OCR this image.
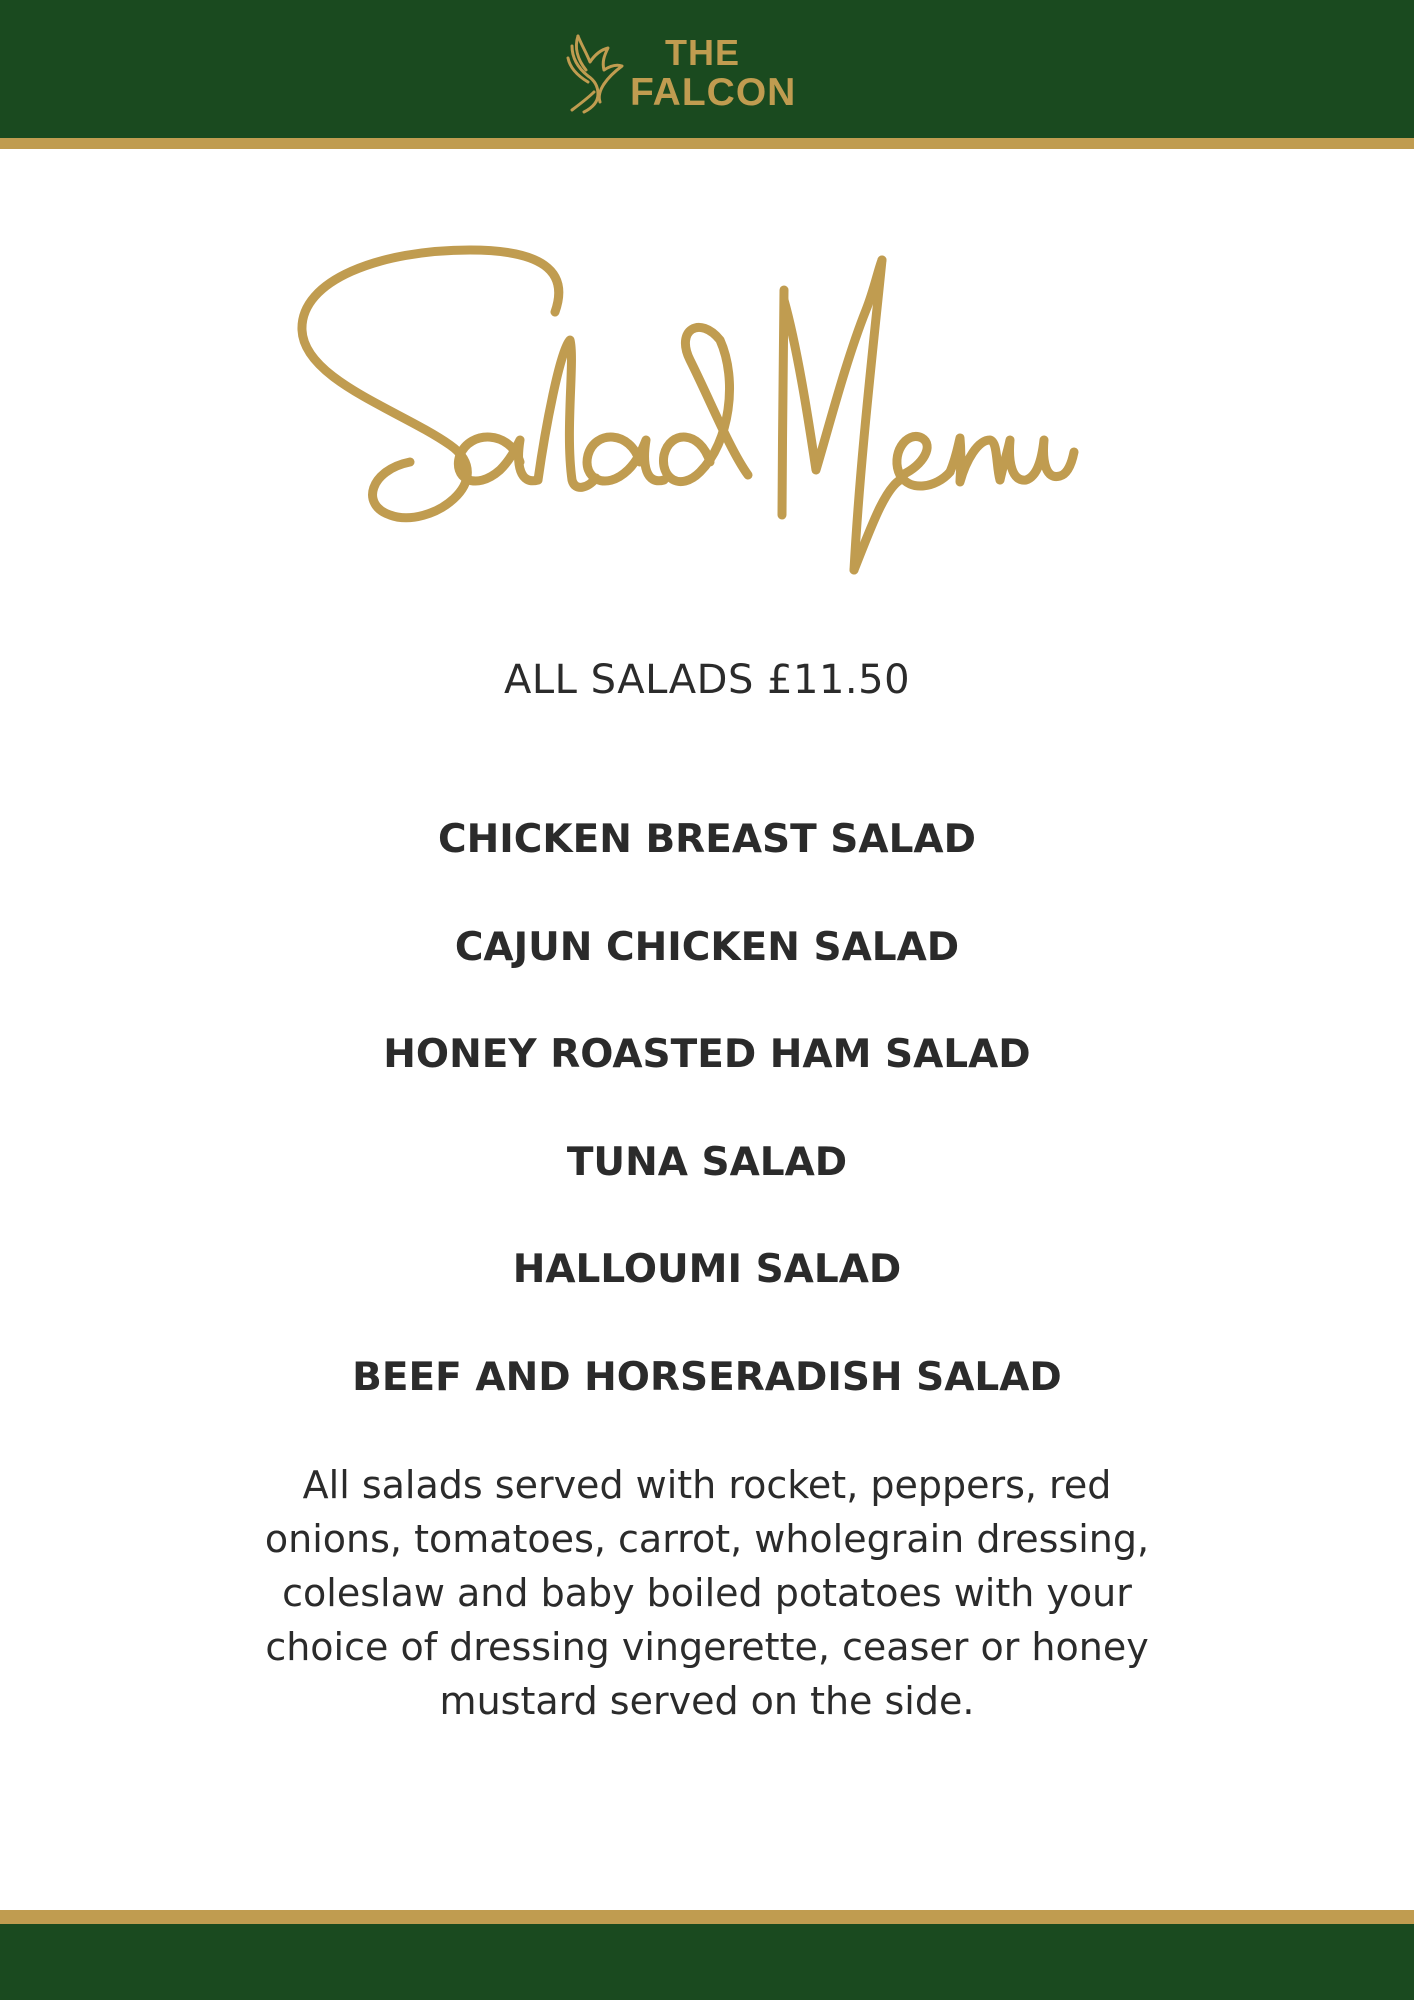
THE
FALCON
ALL SALADS £11.50
CHICKEN BREAST SALAD
CAJUN CHICKEN SALAD
HONEY ROASTED HAM SALAD
TUNA SALAD
HALLOUMI SALAD
BEEF AND HORSERADISH SALAD
All salads served with rocket, peppers, red onions, tomatoes, carrot, wholegrain dressing, coleslaw and baby boiled potatoes with your choice of dressing vingerette, ceaser or honey mustard served on the side.
